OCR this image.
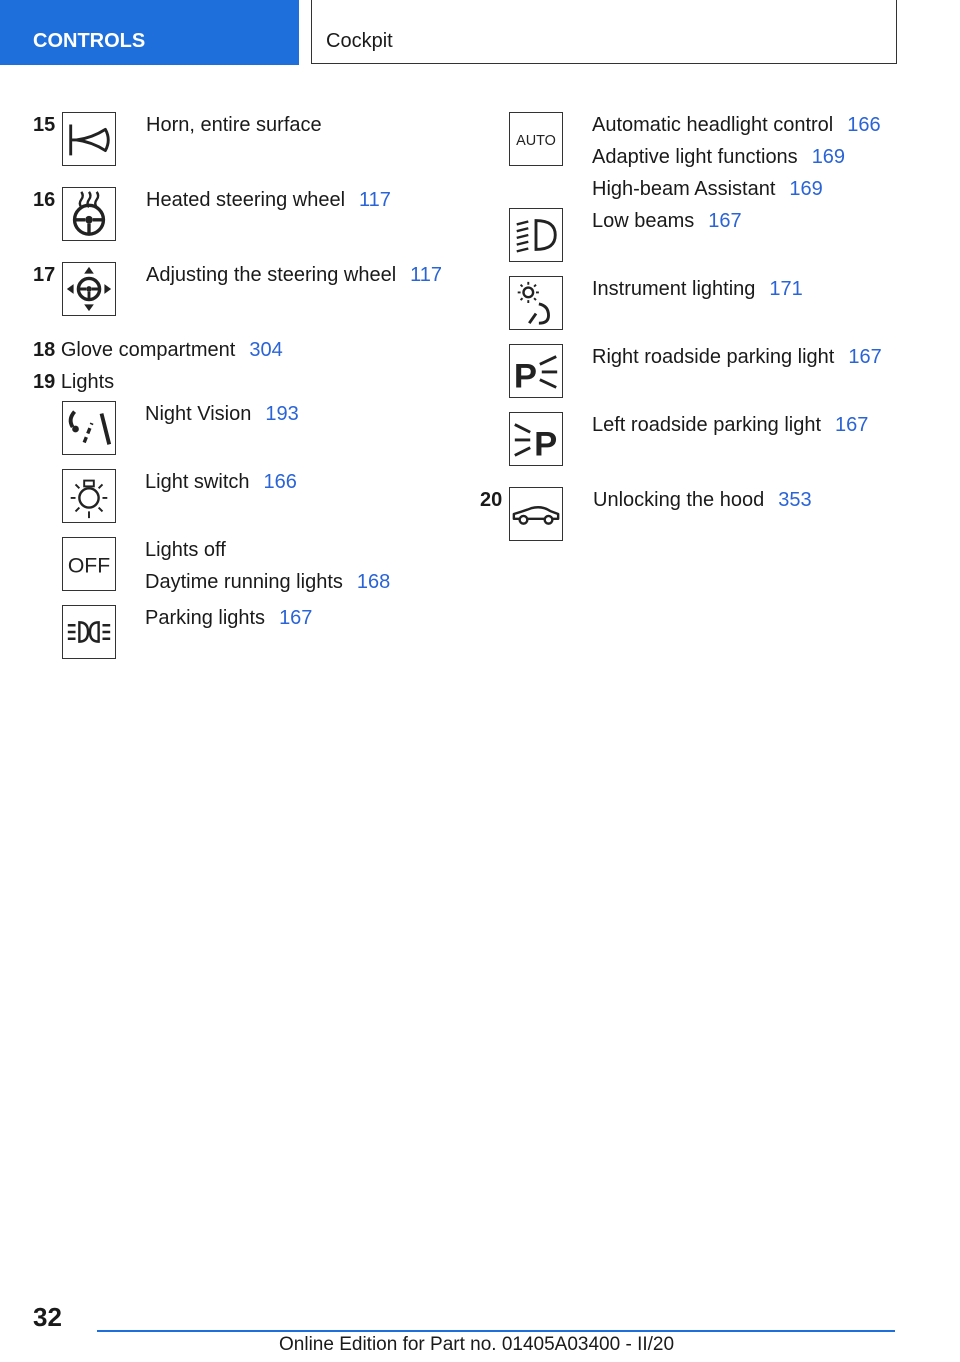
CONTROLS	Cockpit
15	Horn, entire surface
16	Heated steering wheel 117
17	Adjusting the steering wheel 117
18 Glove compartment 304
19 Lights
Night Vision 193
Light switch 166
OFF
Lights off
Daytime running lights 168
Parking lights 167
AUTO
Automatic headlight control 166
Adaptive light functions 169
High-beam Assistant 169
Low beams 167
Instrument lighting 171
P
Right roadside parking light 167
P
Left roadside parking light 167
20	Unlocking the hood 353
32
Online Edition for Part no. 01405A03400 - II/20
